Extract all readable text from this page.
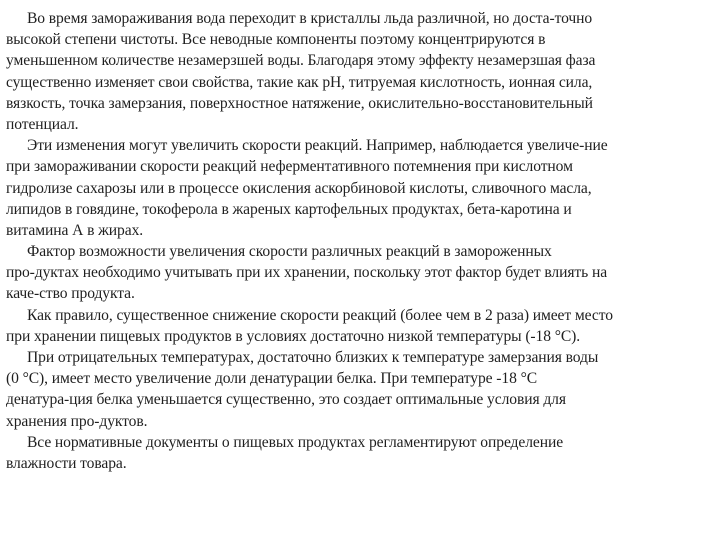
Во время замораживания вода переходит в кристаллы льда различной, но доста-точно
высокой степени чистоты. Все неводные компоненты поэтому концентрируются в
уменьшенном количестве незамерзшей воды. Благодаря этому эффекту незамерзшая фаза
существенно изменяет свои свойства, такие как рН, титруемая кислотность, ионная сила,
вязкость, точка замерзания, поверхностное натяжение, окислительно-восстановительный
потенциал.
Эти изменения могут увеличить скорости реакций. Например, наблюдается увеличе-ние
при замораживании скорости реакций неферментативного потемнения при кислотном
гидролизе сахарозы или в процессе окисления аскорбиновой кислоты, сливочного масла,
липидов в говядине, токоферола в жареных картофельных продуктах, бета-каротина и
витамина А в жирах.
Фактор возможности увеличения скорости различных реакций в замороженных
про-дуктах необходимо учитывать при их хранении, поскольку этот фактор будет влиять на
каче-ство продукта.
Как правило, существенное снижение скорости реакций (более чем в 2 раза) имеет место
при хранении пищевых продуктов в условиях достаточно низкой температуры (-18 °С).
При отрицательных температурах, достаточно близких к температуре замерзания воды
(0 °С), имеет место увеличение доли денатурации белка. При температуре -18 °С
денатура-ция белка уменьшается существенно, это создает оптимальные условия для
хранения про-дуктов.
Все нормативные документы о пищевых продуктах регламентируют определение
влажности товара.
